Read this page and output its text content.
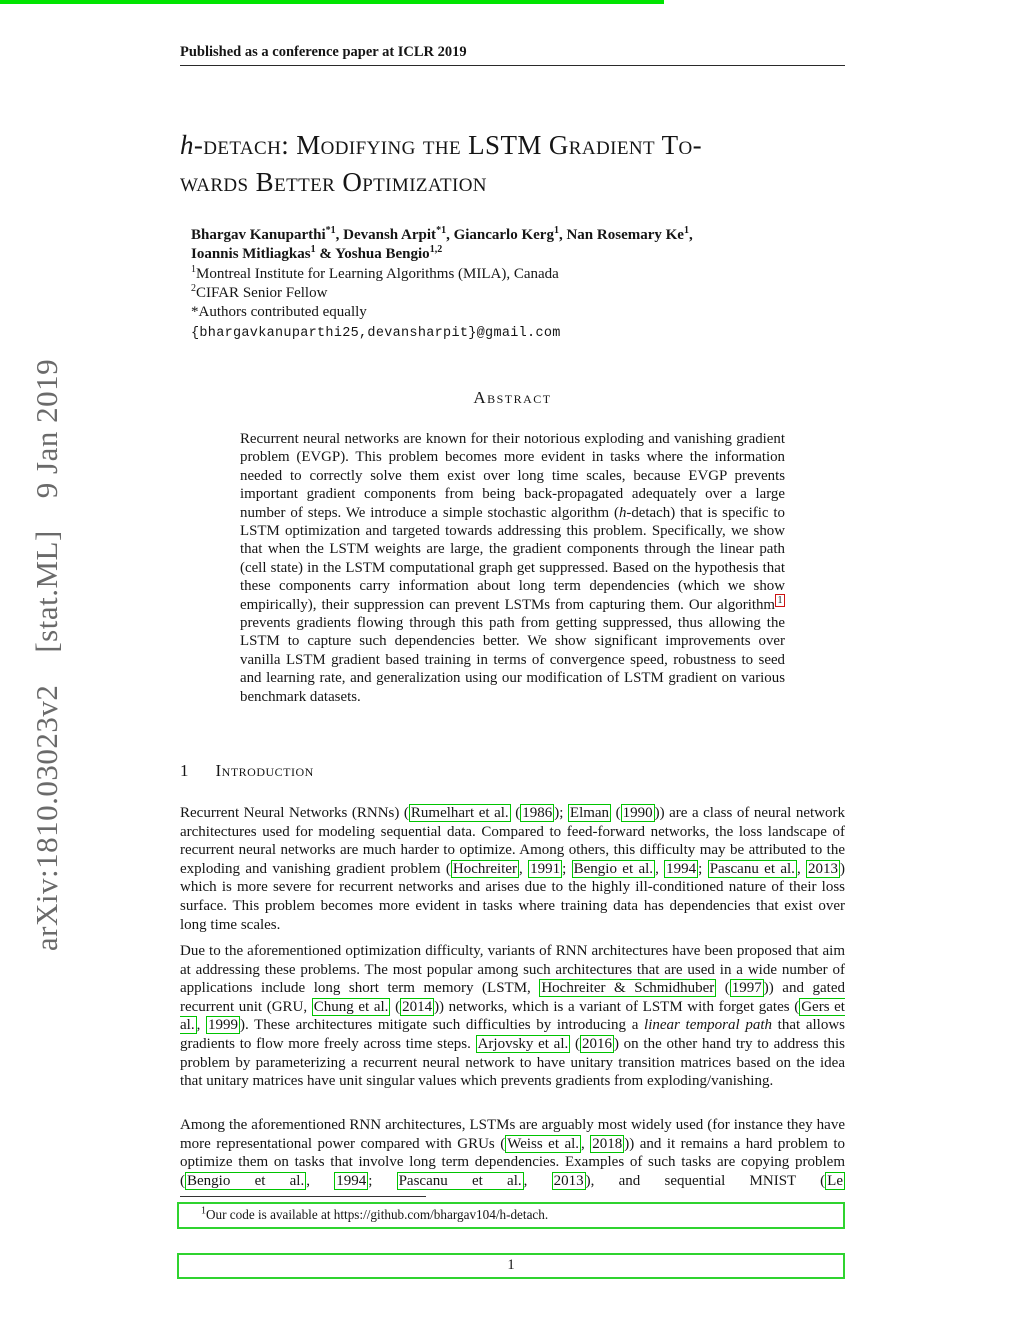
arXiv:1810.03023v2  [stat.ML]  9 Jan 2019
Published as a conference paper at ICLR 2019
h-detach: Modifying the LSTM Gradient To-
wards Better Optimization
Bhargav Kanuparthi$^{*1}$, Devansh Arpit$^{*1}$, Giancarlo Kerg$^1$, Nan Rosemary Ke$^1$,
Ioannis Mitliagkas$^1$ & Yoshua Bengio$^{1,2}$
$^1$Montreal Institute for Learning Algorithms (MILA), Canada
$^2$CIFAR Senior Fellow
*Authors contributed equally
{bhargavkanuparthi25,devansharpit}@gmail.com
Abstract
Recurrent neural networks are known for their notorious exploding and vanishing gradient problem (EVGP). This problem becomes more evident in tasks where the information needed to correctly solve them exist over long time scales, because EVGP prevents important gradient components from being back-propagated adequately over a large number of steps. We introduce a simple stochastic algorithm (h-detach) that is specific to LSTM optimization and targeted towards addressing this problem. Specifically, we show that when the LSTM weights are large, the gradient components through the linear path (cell state) in the LSTM computational graph get suppressed. Based on the hypothesis that these components carry information about long term dependencies (which we show empirically), their suppression can prevent LSTMs from capturing them. Our algorithm $^1$ prevents gradients flowing through this path from getting suppressed, thus allowing the LSTM to capture such dependencies better. We show significant improvements over vanilla LSTM gradient based training in terms of convergence speed, robustness to seed and learning rate, and generalization using our modification of LSTM gradient on various benchmark datasets.
1 Introduction
Recurrent Neural Networks (RNNs) ( Rumelhart et al. ( 1986 ); Elman ( 1990 )) are a class of neural network architectures used for modeling sequential data. Compared to feed-forward networks, the loss landscape of recurrent neural networks are much harder to optimize. Among others, this difficulty may be attributed to the exploding and vanishing gradient problem ( Hochreiter , 1991 ; Bengio et al. , 1994 ; Pascanu et al. , 2013 ) which is more severe for recurrent networks and arises due to the highly ill-conditioned nature of their loss surface. This problem becomes more evident in tasks where training data has dependencies that exist over long time scales.
Due to the aforementioned optimization difficulty, variants of RNN architectures have been proposed that aim at addressing these problems. The most popular among such architectures that are used in a wide number of applications include long short term memory (LSTM, Hochreiter & Schmidhuber ( 1997 )) and gated recurrent unit (GRU, Chung et al. ( 2014 )) networks, which is a variant of LSTM with forget gates ( Gers et al. , 1999 ). These architectures mitigate such difficulties by introducing a linear temporal path that allows gradients to flow more freely across time steps. Arjovsky et al. ( 2016 ) on the other hand try to address this problem by parameterizing a recurrent neural network to have unitary transition matrices based on the idea that unitary matrices have unit singular values which prevents gradients from exploding/vanishing.
Among the aforementioned RNN architectures, LSTMs are arguably most widely used (for instance they have more representational power compared with GRUs ( Weiss et al. , 2018 )) and it remains a hard problem to optimize them on tasks that involve long term dependencies. Examples of such tasks are copying problem ( Bengio et al. , 1994 ; Pascanu et al. , 2013 ), and sequential MNIST ( Le
$^1$Our code is available at https://github.com/bhargav104/h-detach.
1
